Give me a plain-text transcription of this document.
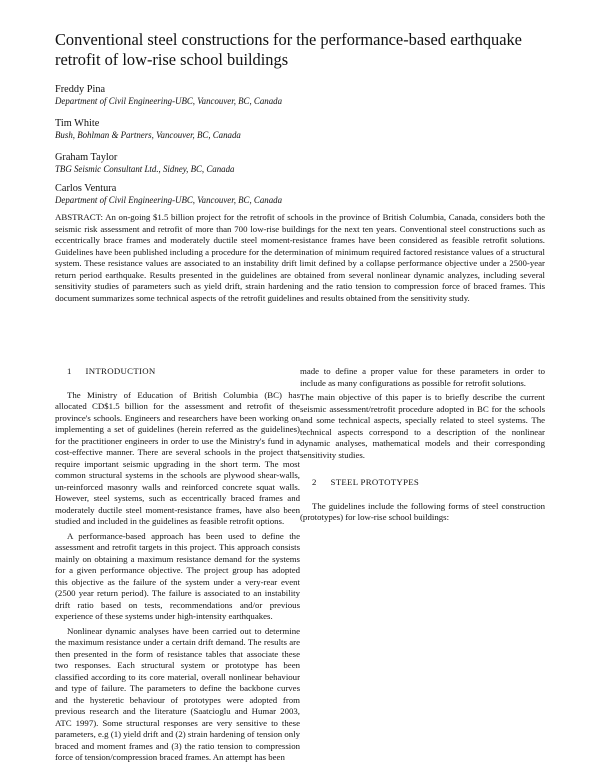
Conventional steel constructions for the performance-based earthquake retrofit of low-rise school buildings
Freddy Pina
Department of Civil Engineering-UBC, Vancouver, BC, Canada
Tim White
Bush, Bohlman & Partners, Vancouver, BC, Canada
Graham Taylor
TBG Seismic Consultant Ltd., Sidney, BC, Canada
Carlos Ventura
Department of Civil Engineering-UBC, Vancouver, BC, Canada

ABSTRACT: An on-going $1.5 billion project for the retrofit of schools in the province of British Columbia, Canada, considers both the seismic risk assessment and retrofit of more than 700 low-rise buildings for the next ten years. Conventional steel constructions such as eccentrically brace frames and moderately ductile steel moment-resistance frames have been considered as feasible retrofit solutions. Guidelines have been published including a procedure for the determination of minimum required factored resistance values of a structural system. These resistance values are associated to an instability drift limit defined by a collapse performance objective under a 2500-year return period earthquake. Results presented in the guidelines are obtained from several nonlinear dynamic analyzes, including several sensitivity studies of parameters such as yield drift, strain hardening and the ratio tension to compression force of braced frames. This document summarizes some technical aspects of the retrofit guidelines and results obtained from the sensitivity study.

1 INTRODUCTION

The Ministry of Education of British Columbia (BC) has allocated CD$1.5 billion for the assessment and retrofit of the province's schools. Engineers and researchers have been working on implementing a set of guidelines (herein referred as the guidelines) for the practitioner engineers in order to use the Ministry's fund in a cost-effective manner. There are several schools in the project that require important seismic upgrading in the short term. The most common structural systems in the schools are plywood shear-walls, un-reinforced masonry walls and reinforced concrete squat walls. However, steel systems, such as eccentrically braced frames and moderately ductile steel moment-resistance frames, have also been studied and included in the guidelines as feasible retrofit options.

A performance-based approach has been used to define the assessment and retrofit targets in this project. This approach consists mainly on obtaining a maximum resistance demand for the systems for a given performance objective. The project group has adopted this objective as the failure of the system under a very-rear event (2500 year return period). The failure is associated to an instability drift ratio based on tests, recommendations and/or previous experience of these systems under high-intensity earthquakes.

Nonlinear dynamic analyses have been carried out to determine the maximum resistance under a certain drift demand. The results are then presented in the form of resistance tables that associate these two responses. Each structural system or prototype has been classified according to its core material, overall nonlinear behaviour and type of failure. The parameters to define the backbone curves and the hysteretic behaviour of prototypes were adopted from previous research and the literature (Saatcioglu and Humar 2003, ATC 1997). Some structural responses are very sensitive to these parameters, e.g (1) yield drift and (2) strain hardening of tension only braced and moment frames and (3) the ratio tension to compression force of tension/compression braced frames. An attempt has been

made to define a proper value for these parameters in order to include as many configurations as possible for retrofit solutions.

The main objective of this paper is to briefly describe the current seismic assessment/retrofit procedure adopted in BC for the schools and some technical aspects, specially related to steel systems. The technical aspects correspond to a description of the nonlinear dynamic analyses, mathematical models and their corresponding sensitivity studies.

2 STEEL PROTOTYPES

The guidelines include the following forms of steel construction (prototypes) for low-rise school buildings:
